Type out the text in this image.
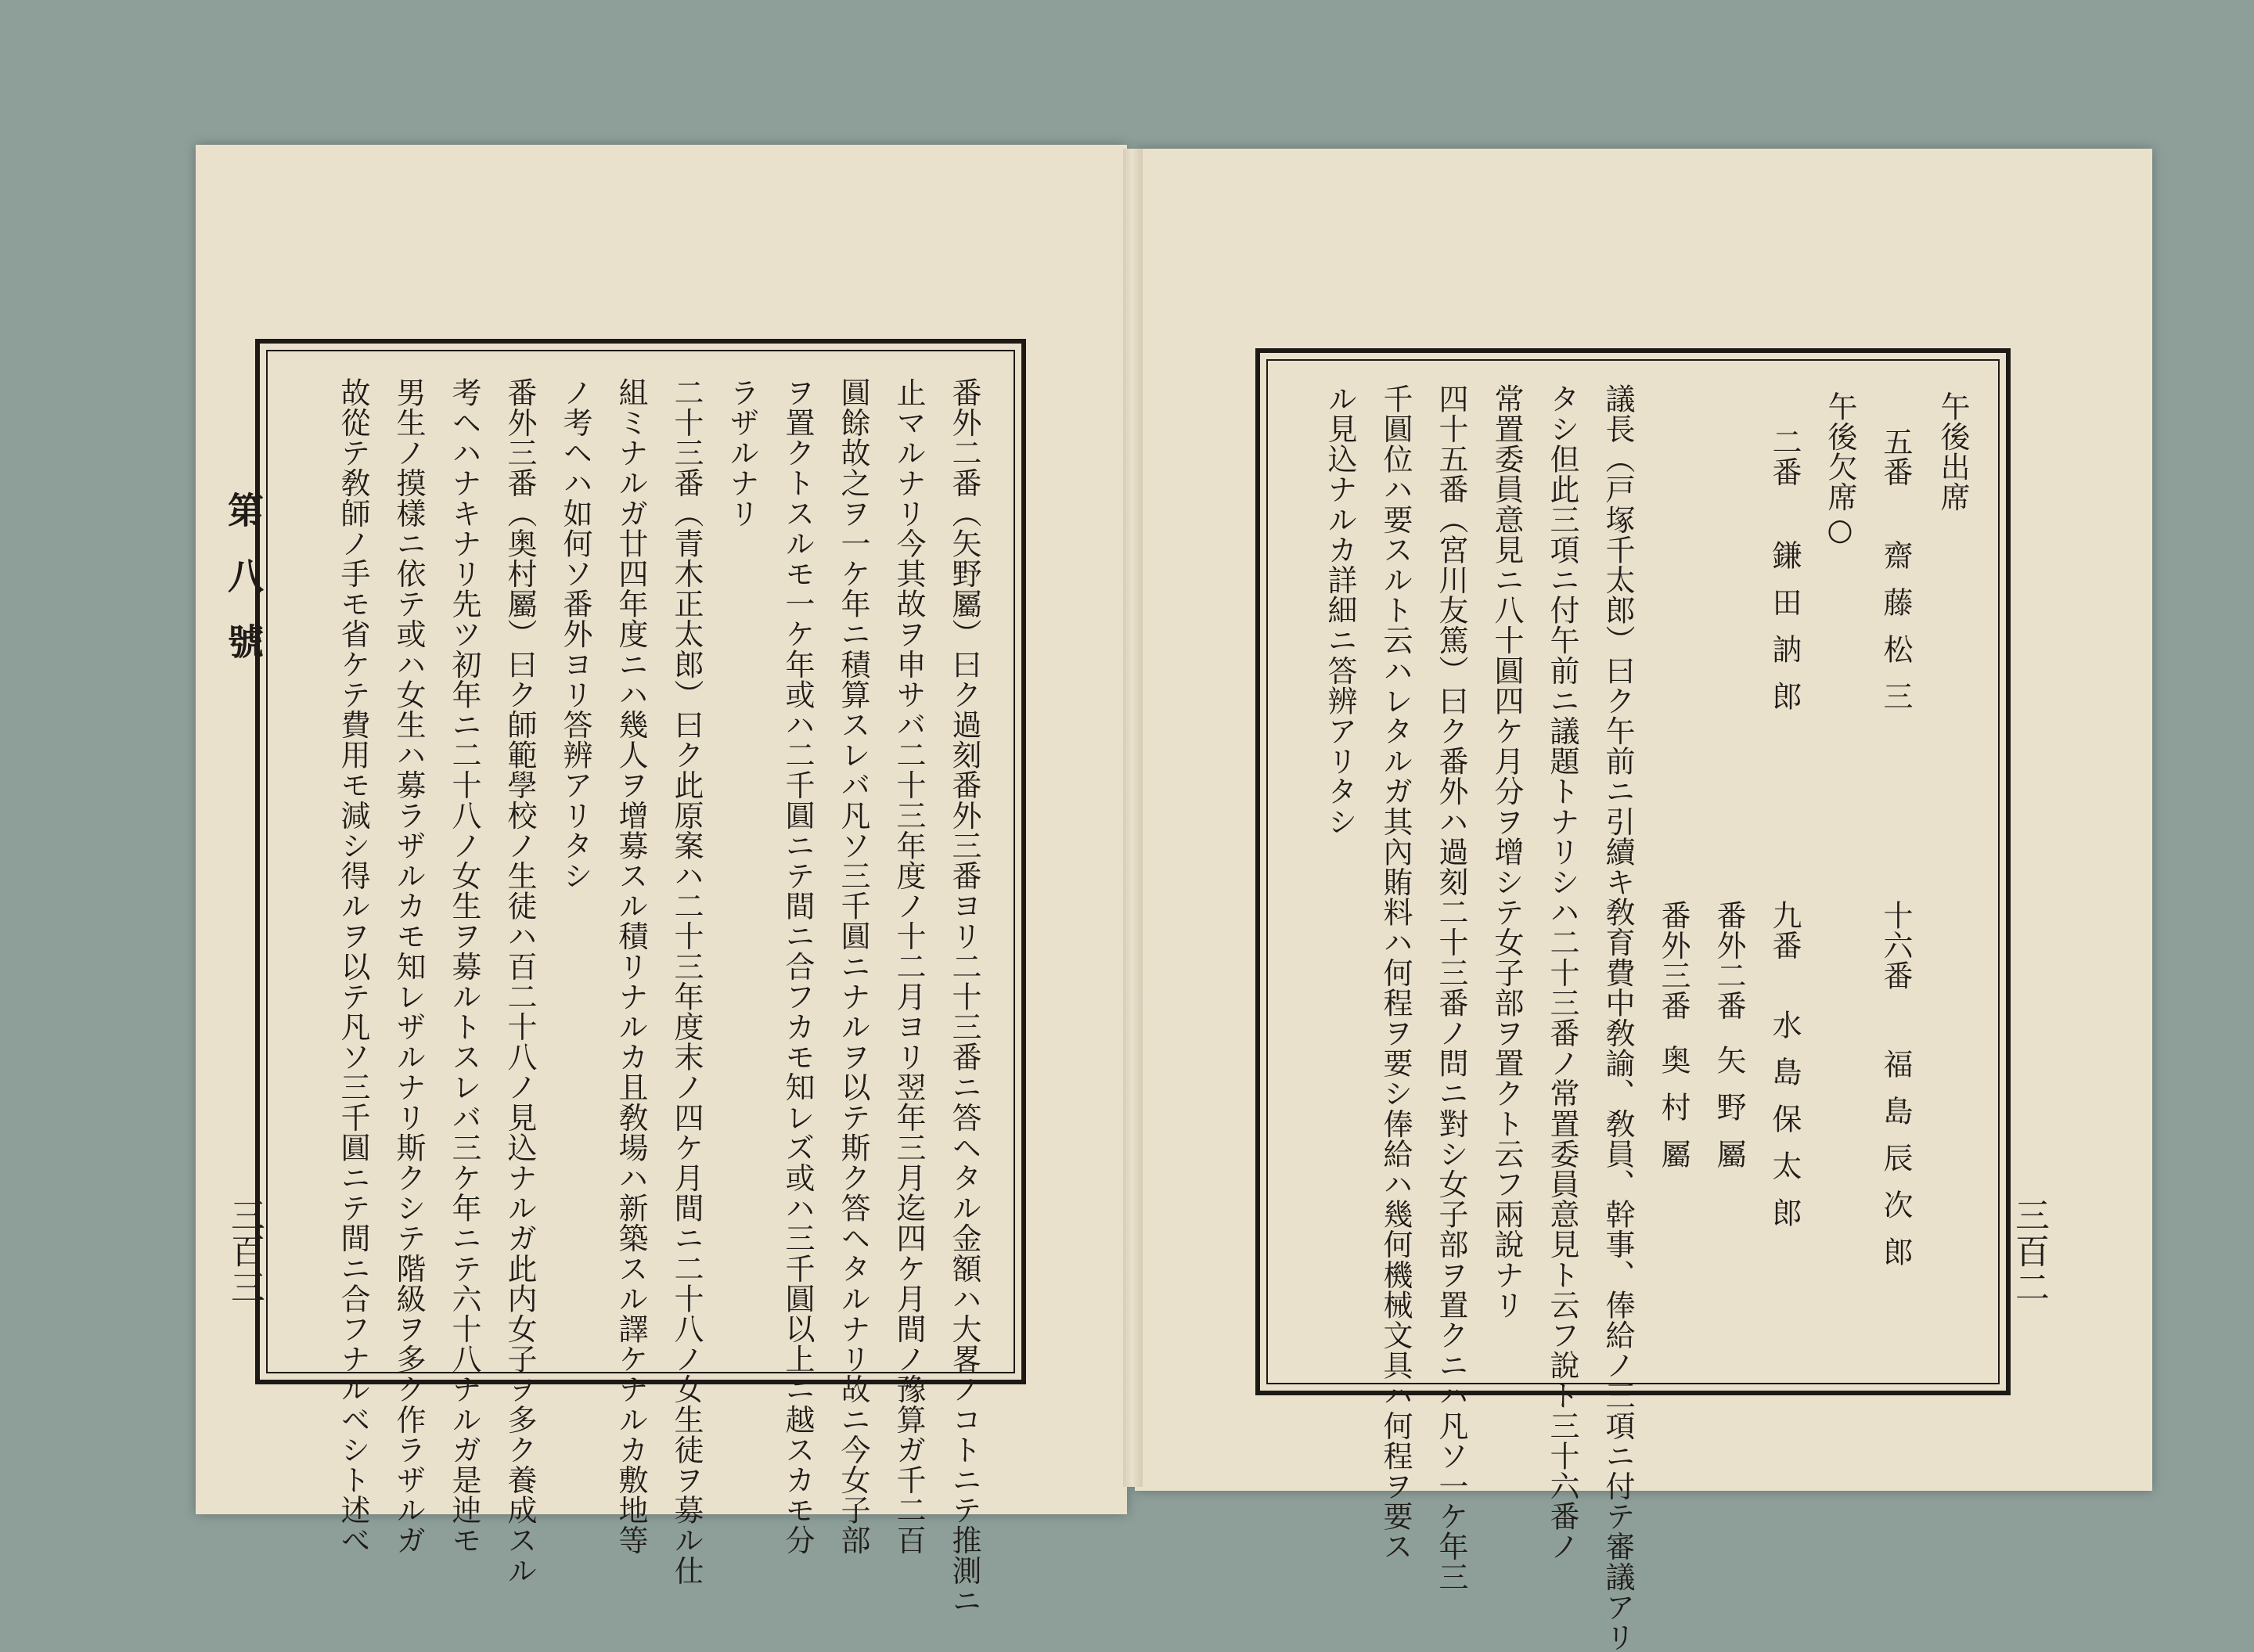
第八號
三百三	番外二番（矢野屬）曰ク過刻番外三番ヨリ二十三番ニ答ヘタル金額ハ大畧ノコトニテ推測ニ
止マルナリ今其故ヲ申サバ二十三年度ノ十二月ヨリ翌年三月迄四ケ月間ノ豫算ガ千二百
圓餘故之ヲ一ケ年ニ積算スレバ凡ソ三千圓ニナルヲ以テ斯ク答ヘタルナリ故ニ今女子部
ヲ置クトスルモ一ケ年或ハ二千圓ニテ間ニ合フカモ知レズ或ハ三千圓以上ニ越スカモ分
ラザルナリ
二十三番（青木正太郎）曰ク此原案ハ二十三年度末ノ四ケ月間ニ二十八ノ女生徒ヲ募ル仕
組ミナルガ廿四年度ニハ幾人ヲ增募スル積リナルカ且敎場ハ新築スル譯ケナルカ敷地等
ノ考ヘハ如何ソ番外ヨリ答辨アリタシ
番外三番（奥村屬）曰ク師範學校ノ生徒ハ百二十八ノ見込ナルガ此内女子ヲ多ク養成スル
考ヘハナキナリ先ツ初年ニ二十八ノ女生ヲ募ルトスレバ三ケ年ニテ六十八ナルガ是迚モ
男生ノ摸樣ニ依テ或ハ女生ハ募ラザルカモ知レザルナリ斯クシテ階級ヲ多ク作ラザルガ
故從テ敎師ノ手モ省ケテ費用モ減シ得ルヲ以テ凡ソ三千圓ニテ間ニ合フナルベシト述べ	三百二
午後出席
五番
齋藤松三
十六番
福島辰次郎
午後欠席○
二番
鎌田訥郎
九番
水島保太郎
番外二番
矢野屬
番外三番
奥村屬
議長（戸塚千太郎）曰ク午前ニ引續キ敎育費中敎諭、敎員、幹事、俸給ノ三項ニ付テ審議アリ
タシ但此三項ニ付午前ニ議題トナリシハ二十三番ノ常置委員意見ト云フ說ト三十六番ノ
常置委員意見ニ八十圓四ケ月分ヲ增シテ女子部ヲ置クト云フ兩說ナリ
四十五番（宮川友篤）曰ク番外ハ過刻二十三番ノ問ニ對シ女子部ヲ置クニハ凡ソ一ケ年三
千圓位ハ要スルト云ハレタルガ其內賄料ハ何程ヲ要シ俸給ハ幾何機械文具ハ何程ヲ要ス
ル見込ナルカ詳細ニ答辨アリタシ
